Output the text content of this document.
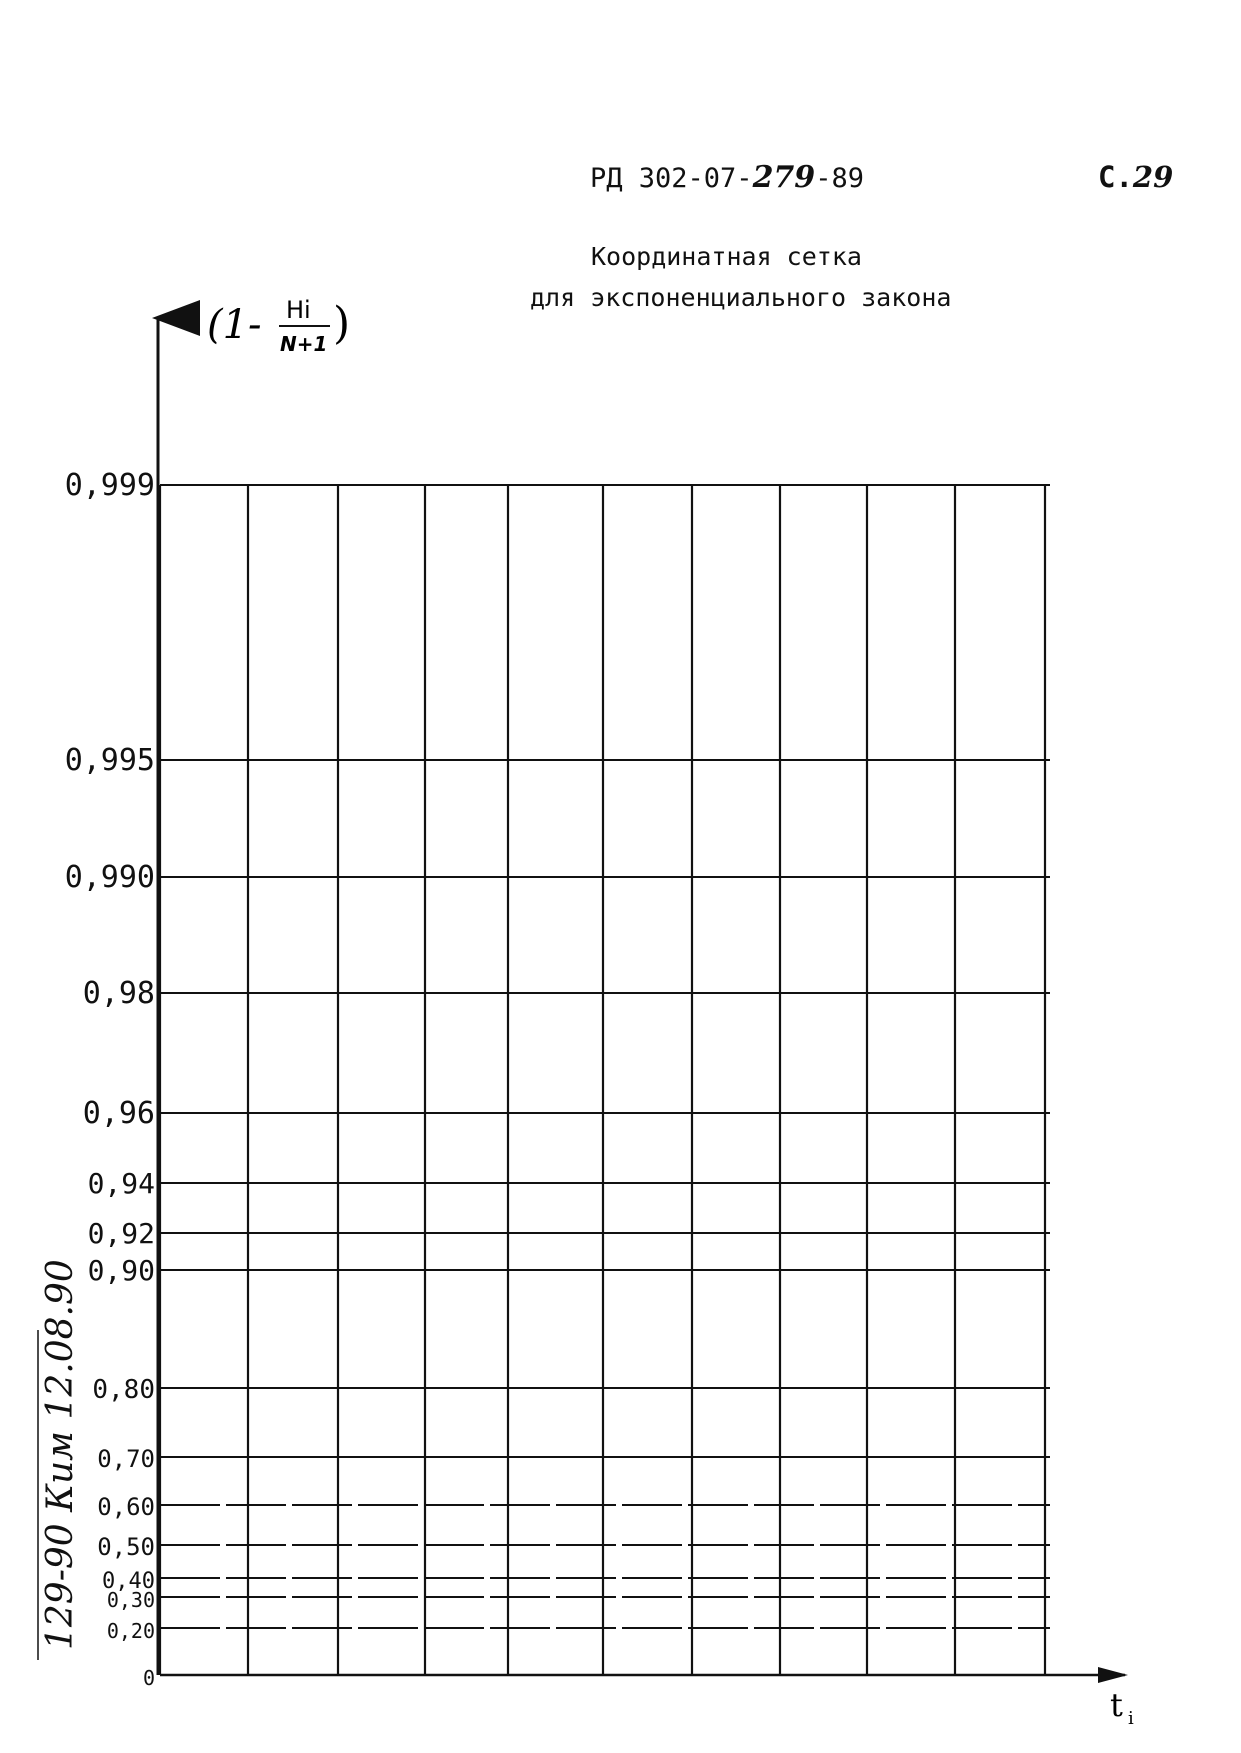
РД 302-07-279-89	С.29
Координатная сетка
для экспоненциального закона
0,999
0,995
0,990
0,98
0,96
0,94
0,92
0,90
0,80
0,70
0,60
0,50
0,40
0,30
0,20
0
(1- Hi
N+1 )
t i
129-90 Ким 12.08.90
